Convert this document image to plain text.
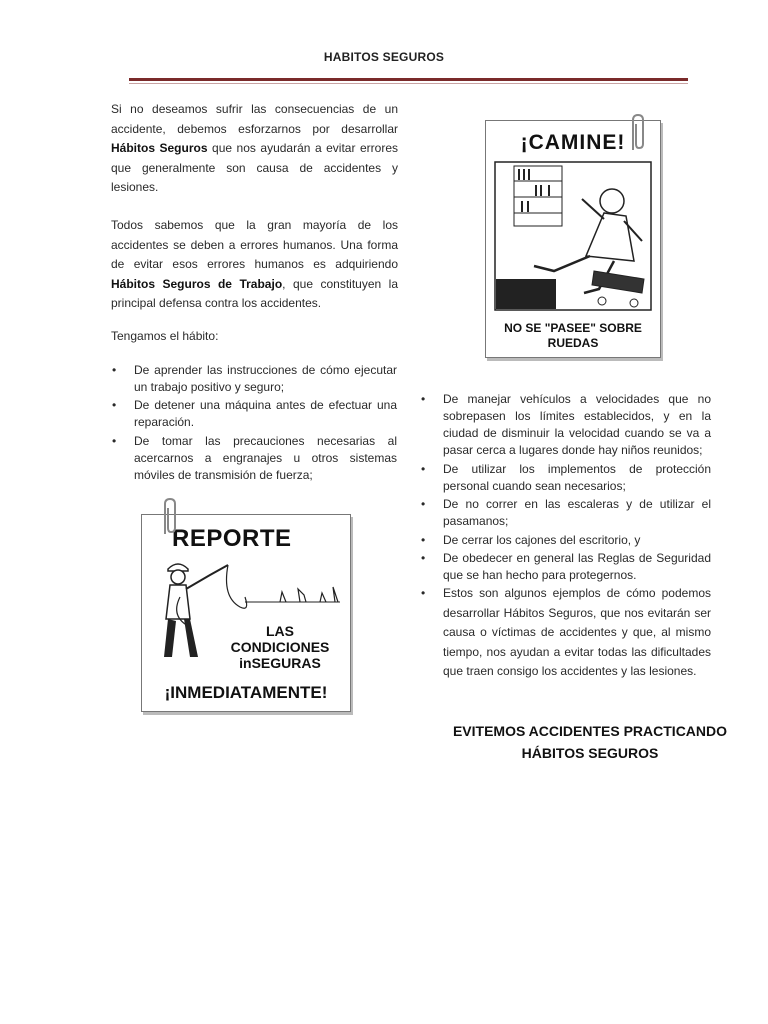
HABITOS SEGUROS

Si no deseamos sufrir las consecuencias de un accidente, debemos esforzarnos por desarrollar Hábitos Seguros que nos ayudarán a evitar errores que generalmente son causa de accidentes y lesiones.

Todos sabemos que la gran mayoría de los accidentes se deben a errores humanos. Una forma de evitar esos errores humanos es adquiriendo Hábitos Seguros de Trabajo, que constituyen la principal defensa contra los accidentes.

Tengamos el hábito:

• De aprender las instrucciones de cómo ejecutar un trabajo positivo y seguro;
• De detener una máquina antes de efectuar una reparación.
• De tomar las precauciones necesarias al acercarnos a engranajes u otros sistemas móviles de transmisión de fuerza;
¡CAMINE!
NO SE "PASEE" SOBRE
RUEDAS
• De manejar vehículos a velocidades que no sobrepasen los límites establecidos, y en la ciudad de disminuir la velocidad cuando se va a pasar cerca a lugares donde hay niños reunidos;
• De utilizar los implementos de protección personal cuando sean necesarios;
• De no correr en las escaleras y de utilizar el pasamanos;
• De cerrar los cajones del escritorio, y
• De obedecer en general las Reglas de Seguridad que se han hecho para protegernos.
• Estos son algunos ejemplos de cómo podemos desarrollar Hábitos Seguros, que nos evitarán ser causa o víctimas de accidentes y que, al mismo tiempo, nos ayudan a evitar todas las dificultades que traen consigo los accidentes y las lesiones.
REPORTE
LAS
CONDICIONES
inSEGURAS
¡INMEDIATAMENTE!
EVITEMOS ACCIDENTES PRACTICANDO
HÁBITOS SEGUROS
